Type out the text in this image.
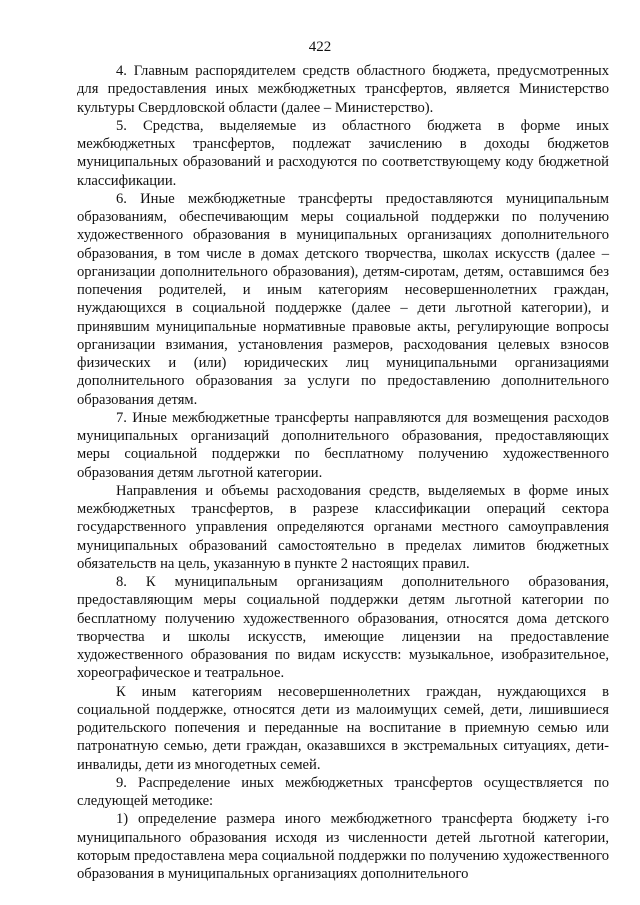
422

4. Главным распорядителем средств областного бюджета, предусмотренных для предоставления иных межбюджетных трансфертов, является Министерство культуры Свердловской области (далее – Министерство).

5. Средства, выделяемые из областного бюджета в форме иных межбюджетных трансфертов, подлежат зачислению в доходы бюджетов муниципальных образований и расходуются по соответствующему коду бюджетной классификации.

6. Иные межбюджетные трансферты предоставляются муниципальным образованиям, обеспечивающим меры социальной поддержки по получению художественного образования в муниципальных организациях дополнительного образования, в том числе в домах детского творчества, школах искусств (далее – организации дополнительного образования), детям-сиротам, детям, оставшимся без попечения родителей, и иным категориям несовершеннолетних граждан, нуждающихся в социальной поддержке (далее – дети льготной категории), и принявшим муниципальные нормативные правовые акты, регулирующие вопросы организации взимания, установления размеров, расходования целевых взносов физических и (или) юридических лиц муниципальными организациями дополнительного образования за услуги по предоставлению дополнительного образования детям.

7. Иные межбюджетные трансферты направляются для возмещения расходов муниципальных организаций дополнительного образования, предоставляющих меры социальной поддержки по бесплатному получению художественного образования детям льготной категории.

Направления и объемы расходования средств, выделяемых в форме иных межбюджетных трансфертов, в разрезе классификации операций сектора государственного управления определяются органами местного самоуправления муниципальных образований самостоятельно в пределах лимитов бюджетных обязательств на цель, указанную в пункте 2 настоящих правил.

8. К муниципальным организациям дополнительного образования, предоставляющим меры социальной поддержки детям льготной категории по бесплатному получению художественного образования, относятся дома детского творчества и школы искусств, имеющие лицензии на предоставление художественного образования по видам искусств: музыкальное, изобразительное, хореографическое и театральное.

К иным категориям несовершеннолетних граждан, нуждающихся в социальной поддержке, относятся дети из малоимущих семей, дети, лишившиеся родительского попечения и переданные на воспитание в приемную семью или патронатную семью, дети граждан, оказавшихся в экстремальных ситуациях, дети-инвалиды, дети из многодетных семей.

9. Распределение иных межбюджетных трансфертов осуществляется по следующей методике:

1) определение размера иного межбюджетного трансферта бюджету i-го муниципального образования исходя из численности детей льготной категории, которым предоставлена мера социальной поддержки по получению художественного образования в муниципальных организациях дополнительного
